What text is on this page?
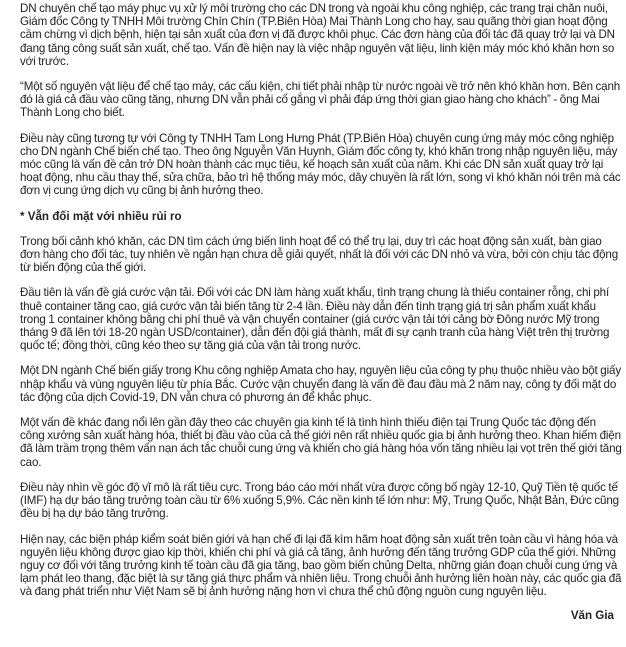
DN chuyên chế tạo máy phục vụ xử lý môi trường cho các DN trong và ngoài khu công nghiệp, các trang trại chăn nuôi, Giám đốc Công ty TNHH Môi trường Chín Chín (TP.Biên Hòa) Mai Thành Long cho hay, sau quãng thời gian hoạt động cầm chừng vì dịch bệnh, hiện tại sản xuất của đơn vị đã được khôi phục. Các đơn hàng của đối tác đã quay trở lại và DN đang tăng công suất sản xuất, chế tạo. Vấn đề hiện nay là việc nhập nguyên vật liệu, linh kiện máy móc khó khăn hơn so với trước.

“Một số nguyên vật liệu để chế tạo máy, các cấu kiện, chi tiết phải nhập từ nước ngoài về trở nên khó khăn hơn. Bên cạnh đó là giá cả đầu vào cũng tăng, nhưng DN vẫn phải cố gắng vì phải đáp ứng thời gian giao hàng cho khách” - ông Mai Thành Long cho biết.

Điều này cũng tương tự với Công ty TNHH Tam Long Hưng Phát (TP.Biên Hòa) chuyên cung ứng máy móc công nghiệp cho DN ngành Chế biến chế tạo. Theo ông Nguyễn Văn Huynh, Giám đốc công ty, khó khăn trong nhập nguyên liệu, máy móc cũng là vấn đề cản trở DN hoàn thành các mục tiêu, kế hoạch sản xuất của năm. Khi các DN sản xuất quay trở lại hoạt động, nhu cầu thay thế, sửa chữa, bảo trì hệ thống máy móc, dây chuyền là rất lớn, song vì khó khăn nói trên mà các đơn vị cung ứng dịch vụ cũng bị ảnh hưởng theo.

* Vẫn đối mặt với nhiều rủi ro

Trong bối cảnh khó khăn, các DN tìm cách ứng biến linh hoạt để có thể trụ lại, duy trì các hoạt động sản xuất, bàn giao đơn hàng cho đối tác, tuy nhiên về ngắn hạn chưa dễ giải quyết, nhất là đối với các DN nhỏ và vừa, bởi còn chịu tác động từ biến động của thế giới.

Đầu tiên là vấn đề giá cước vận tải. Đối với các DN làm hàng xuất khẩu, tình trạng chung là thiếu container rỗng, chi phí thuê container tăng cao, giá cước vận tải biến tăng từ 2-4 lần. Điều này dẫn đến tình trạng giá trị sản phẩm xuất khẩu trong 1 container không bằng chi phí thuê và vận chuyển container (giá cước vận tải tới cảng bờ Đông nước Mỹ trong tháng 9 đã lên tới 18-20 ngàn USD/container), dẫn đến đội giá thành, mất đi sự cạnh tranh của hàng Việt trên thị trường quốc tế; đồng thời, cũng kéo theo sự tăng giá của vận tải trong nước.

Một DN ngành Chế biến giấy trong Khu công nghiệp Amata cho hay, nguyên liệu của công ty phụ thuộc nhiều vào bột giấy nhập khẩu và vùng nguyên liệu từ phía Bắc. Cước vận chuyển đang là vấn đề đau đầu mà 2 năm nay, công ty đối mặt do tác động của dịch Covid-19, DN vẫn chưa có phương án để khắc phục.

Một vấn đề khác đang nổi lên gần đây theo các chuyên gia kinh tế là tình hình thiếu điện tại Trung Quốc tác động đến công xưởng sản xuất hàng hóa, thiết bị đầu vào của cả thế giới nên rất nhiều quốc gia bị ảnh hưởng theo. Khan hiếm điện đã làm trầm trọng thêm vấn nạn ách tắc chuỗi cung ứng và khiến cho giá hàng hóa vốn tăng nhiều lại vọt trên thế giới tăng cao.

Điều này nhìn về góc độ vĩ mô là rất tiêu cực. Trong báo cáo mới nhất vừa được công bố ngày 12-10, Quỹ Tiền tệ quốc tế (IMF) hạ dự báo tăng trưởng toàn cầu từ 6% xuống 5,9%. Các nền kinh tế lớn như: Mỹ, Trung Quốc, Nhật Bản, Đức cũng đều bị hạ dự báo tăng trưởng.

Hiện nay, các biện pháp kiểm soát biên giới và hạn chế đi lại đã kìm hãm hoạt động sản xuất trên toàn cầu vì hàng hóa và nguyên liệu không được giao kịp thời, khiến chi phí và giá cả tăng, ảnh hưởng đến tăng trưởng GDP của thế giới. Những nguy cơ đối với tăng trưởng kinh tế toàn cầu đã gia tăng, bao gồm biến chủng Delta, những gián đoạn chuỗi cung ứng và lạm phát leo thang, đặc biệt là sự tăng giá thực phẩm và nhiên liệu. Trong chuỗi ảnh hưởng liên hoàn này, các quốc gia đã và đang phát triển như Việt Nam sẽ bị ảnh hưởng nặng hơn vì chưa thể chủ động nguồn cung nguyên liệu.

Văn Gia
